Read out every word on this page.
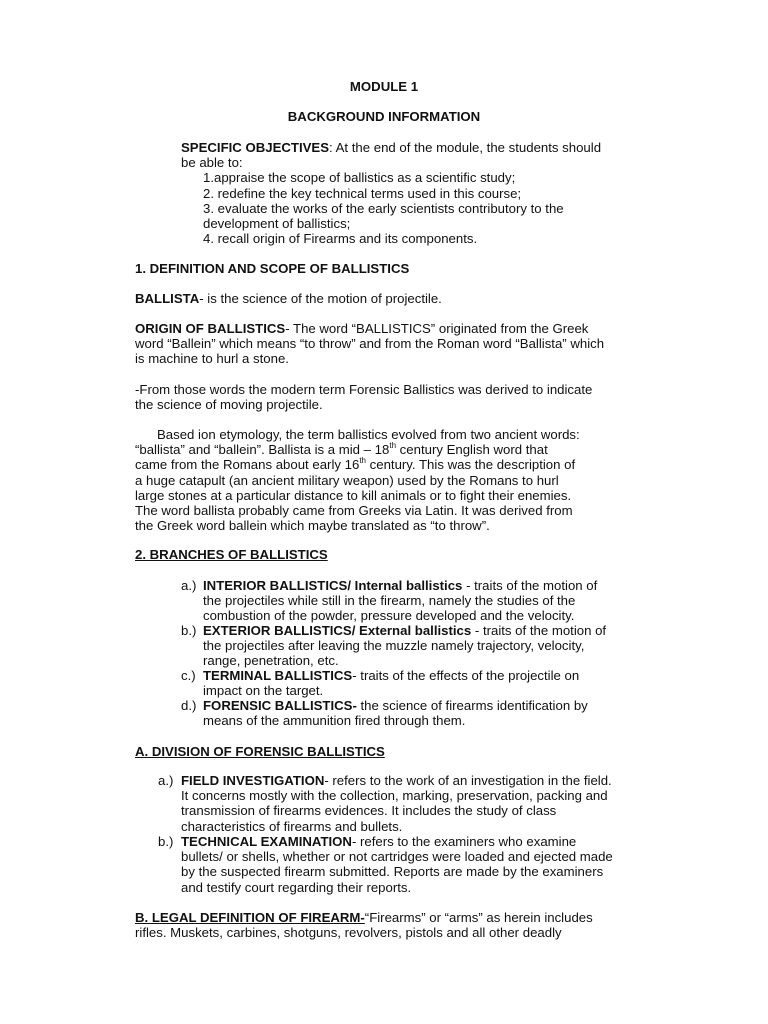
MODULE 1
BACKGROUND INFORMATION

SPECIFIC OBJECTIVES: At the end of the module, the students should

be able to:

1.appraise the scope of ballistics as a scientific study;

2. redefine the key technical terms used in this course;

3. evaluate the works of the early scientists contributory to the

development of ballistics;

4. recall origin of Firearms and its components.

1. DEFINITION AND SCOPE OF BALLISTICS
BALLISTA- is the science of the motion of projectile.

ORIGIN OF BALLISTICS- The word “BALLISTICS” originated from the Greek

word “Ballein” which means “to throw” and from the Roman word “Ballista” which

is machine to hurl a stone.

-From those words the modern term Forensic Ballistics was derived to indicate

the science of moving projectile.

Based ion etymology, the term ballistics evolved from two ancient words:

“ballista” and “ballein”. Ballista is a mid – 18th century English word that

came from the Romans about early 16th century. This was the description of

a huge catapult (an ancient military weapon) used by the Romans to hurl

large stones at a particular distance to kill animals or to fight their enemies.

The word ballista probably came from Greeks via Latin. It was derived from

the Greek word ballein which maybe translated as “to throw”.

2. BRANCHES OF BALLISTICS
a.) INTERIOR BALLISTICS/ Internal ballistics - traits of the motion of

the projectiles while still in the firearm, namely the studies of the

combustion of the powder, pressure developed and the velocity.

b.) EXTERIOR BALLISTICS/ External ballistics - traits of the motion of

the projectiles after leaving the muzzle namely trajectory, velocity,

range, penetration, etc.

c.) TERMINAL BALLISTICS- traits of the effects of the projectile on

impact on the target.

d.) FORENSIC BALLISTICS- the science of firearms identification by

means of the ammunition fired through them.

A. DIVISION OF FORENSIC BALLISTICS
a.) FIELD INVESTIGATION- refers to the work of an investigation in the field.

It concerns mostly with the collection, marking, preservation, packing and

transmission of firearms evidences. It includes the study of class

characteristics of firearms and bullets.

b.) TECHNICAL EXAMINATION- refers to the examiners who examine

bullets/ or shells, whether or not cartridges were loaded and ejected made

by the suspected firearm submitted. Reports are made by the examiners

and testify court regarding their reports.

B. LEGAL DEFINITION OF FIREARM-“Firearms” or “arms” as herein includes

rifles. Muskets, carbines, shotguns, revolvers, pistols and all other deadly
